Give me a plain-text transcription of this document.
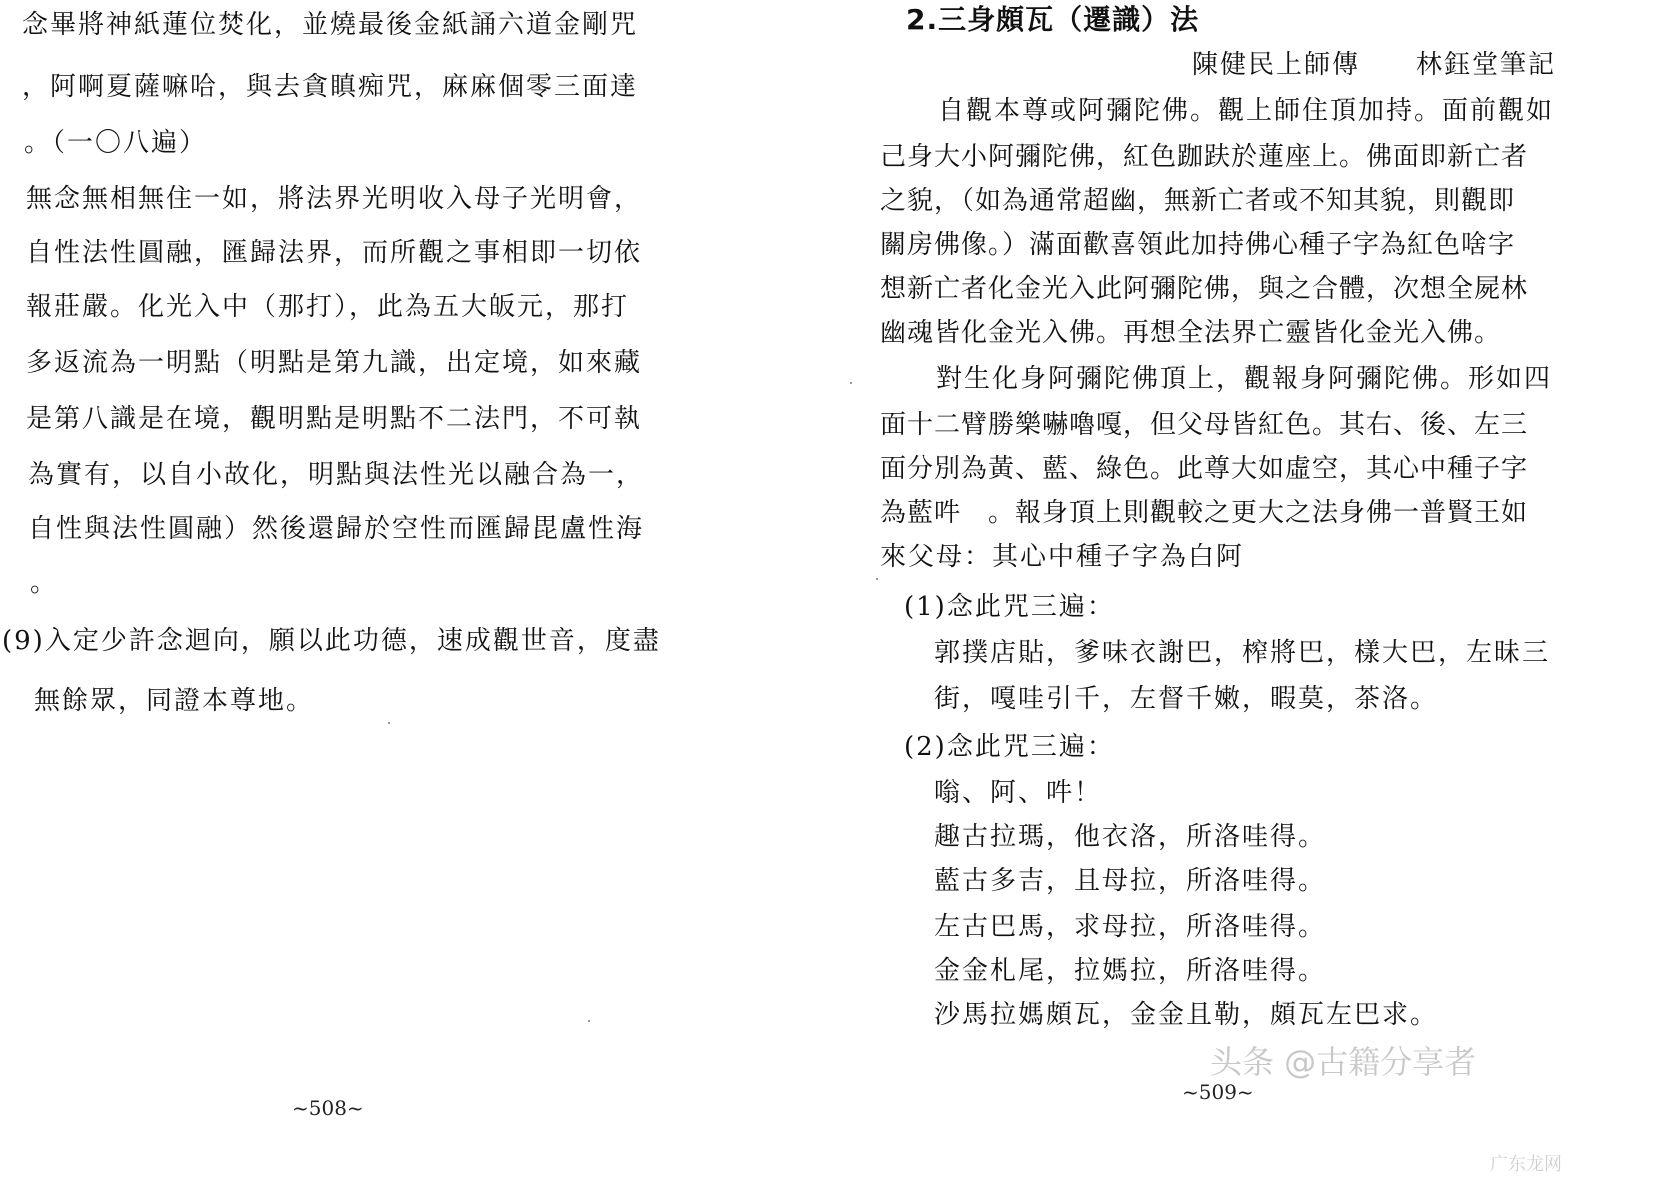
念畢將神紙蓮位焚化，並燒最後金紙誦六道金剛咒
，阿啊夏薩嘛哈，與去貪瞋痴咒，麻麻個零三面達
。（一〇八遍）
無念無相無住一如，將法界光明收入母子光明會，
自性法性圓融，匯歸法界，而所觀之事相即一切依
報莊嚴。化光入中（那打），此為五大皈元，那打
多返流為一明點（明點是第九識，出定境，如來藏
是第八識是在境，觀明點是明點不二法門，不可執
為實有，以自小故化，明點與法性光以融合為一，
自性與法性圓融）然後還歸於空性而匯歸毘盧性海
。
(9)入定少許念迴向，願以此功德，速成觀世音，度盡
無餘眾，同證本尊地。
~508~
2.三身頗瓦（遷識）法
陳健民上師傳　　林鈺堂筆記
自觀本尊或阿彌陀佛。觀上師住頂加持。面前觀如
己身大小阿彌陀佛，紅色跏趺於蓮座上。佛面即新亡者
之貌，（如為通常超幽，無新亡者或不知其貌，則觀即
關房佛像。）滿面歡喜領此加持佛心種子字為紅色啥字
想新亡者化金光入此阿彌陀佛，與之合體，次想全屍林
幽魂皆化金光入佛。再想全法界亡靈皆化金光入佛。
對生化身阿彌陀佛頂上，觀報身阿彌陀佛。形如四
面十二臂勝樂嚇嚕嘎，但父母皆紅色。其右、後、左三
面分別為黃、藍、綠色。此尊大如虛空，其心中種子字
為藍吽　。報身頂上則觀較之更大之法身佛一普賢王如
來父母：其心中種子字為白阿
(1)念此咒三遍：
郭撲店貼，爹味衣謝巴，榨將巴，樣大巴，左昧三
街，嘎哇引千，左督千嫩，暇莫，茶洛。
(2)念此咒三遍：
嗡、阿、吽！
趣古拉瑪，他衣洛，所洛哇得。
藍古多吉，且母拉，所洛哇得。
左古巴馬，求母拉，所洛哇得。
金金札尾，拉媽拉，所洛哇得。
沙馬拉媽頗瓦，金金且勒，頗瓦左巴求。
~509~
头条 @古籍分享者
广东龙网
